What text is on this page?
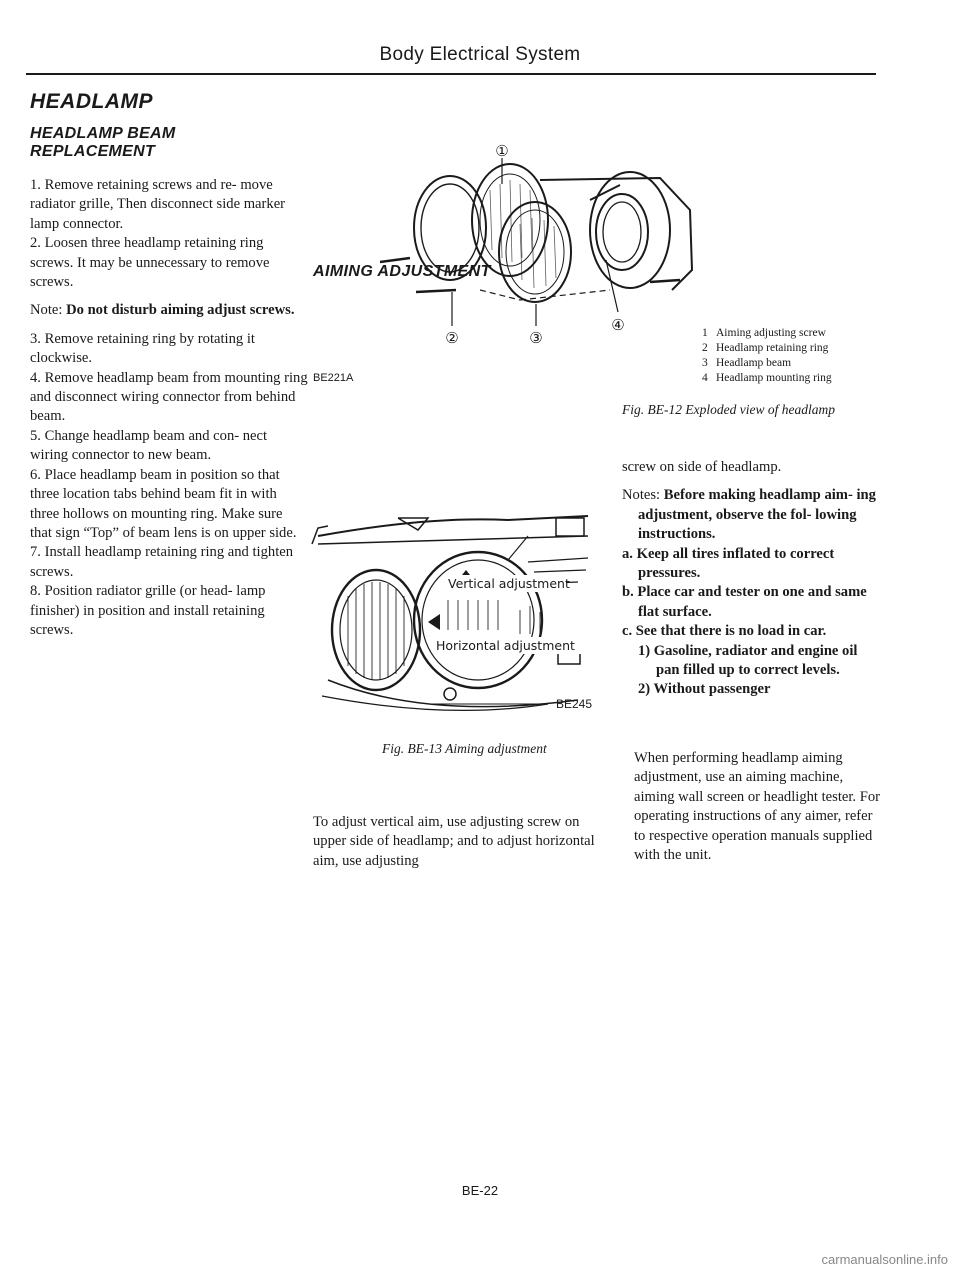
Body Electrical System
HEADLAMP
HEADLAMP BEAM
REPLACEMENT

1. Remove retaining screws and re- move radiator grille, Then disconnect side marker lamp connector.

2. Loosen three headlamp retaining ring screws. It may be unnecessary to remove screws.

Note: Do not disturb aiming adjust screws.

3. Remove retaining ring by rotating it clockwise.

4. Remove headlamp beam from mounting ring and disconnect wiring connector from behind beam.

5. Change headlamp beam and con- nect wiring connector to new beam.

6. Place headlamp beam in position so that three location tabs behind beam fit in with three hollows on mounting ring. Make sure that sign “Top” of beam lens is on upper side.

7. Install headlamp retaining ring and tighten screws.

8. Position radiator grille (or head- lamp finisher) in position and install retaining screws.

①
②	③
④
BE221A
1 Aiming adjusting screw
2 Headlamp retaining ring
3 Headlamp beam
4 Headlamp mounting ring
Fig. BE-12 Exploded view of headlamp
AIMING ADJUSTMENT
Vertical adjustment
Horizontal adjustment
BE245
Fig. BE-13 Aiming adjustment

To adjust vertical aim, use adjusting screw on upper side of headlamp; and to adjust horizontal aim, use adjusting

screw on side of headlamp.

Notes: Before making headlamp aim- ing adjustment, observe the fol- lowing instructions.

a. Keep all tires inflated to correct pressures.

b. Place car and tester on one and same flat surface.

c. See that there is no load in car.

1) Gasoline, radiator and engine oil pan filled up to correct levels.

2) Without passenger

When performing headlamp aiming adjustment, use an aiming machine, aiming wall screen or headlight tester. For operating instructions of any aimer, refer to respective operation manuals supplied with the unit.

BE-22
carmanualsonline.info
